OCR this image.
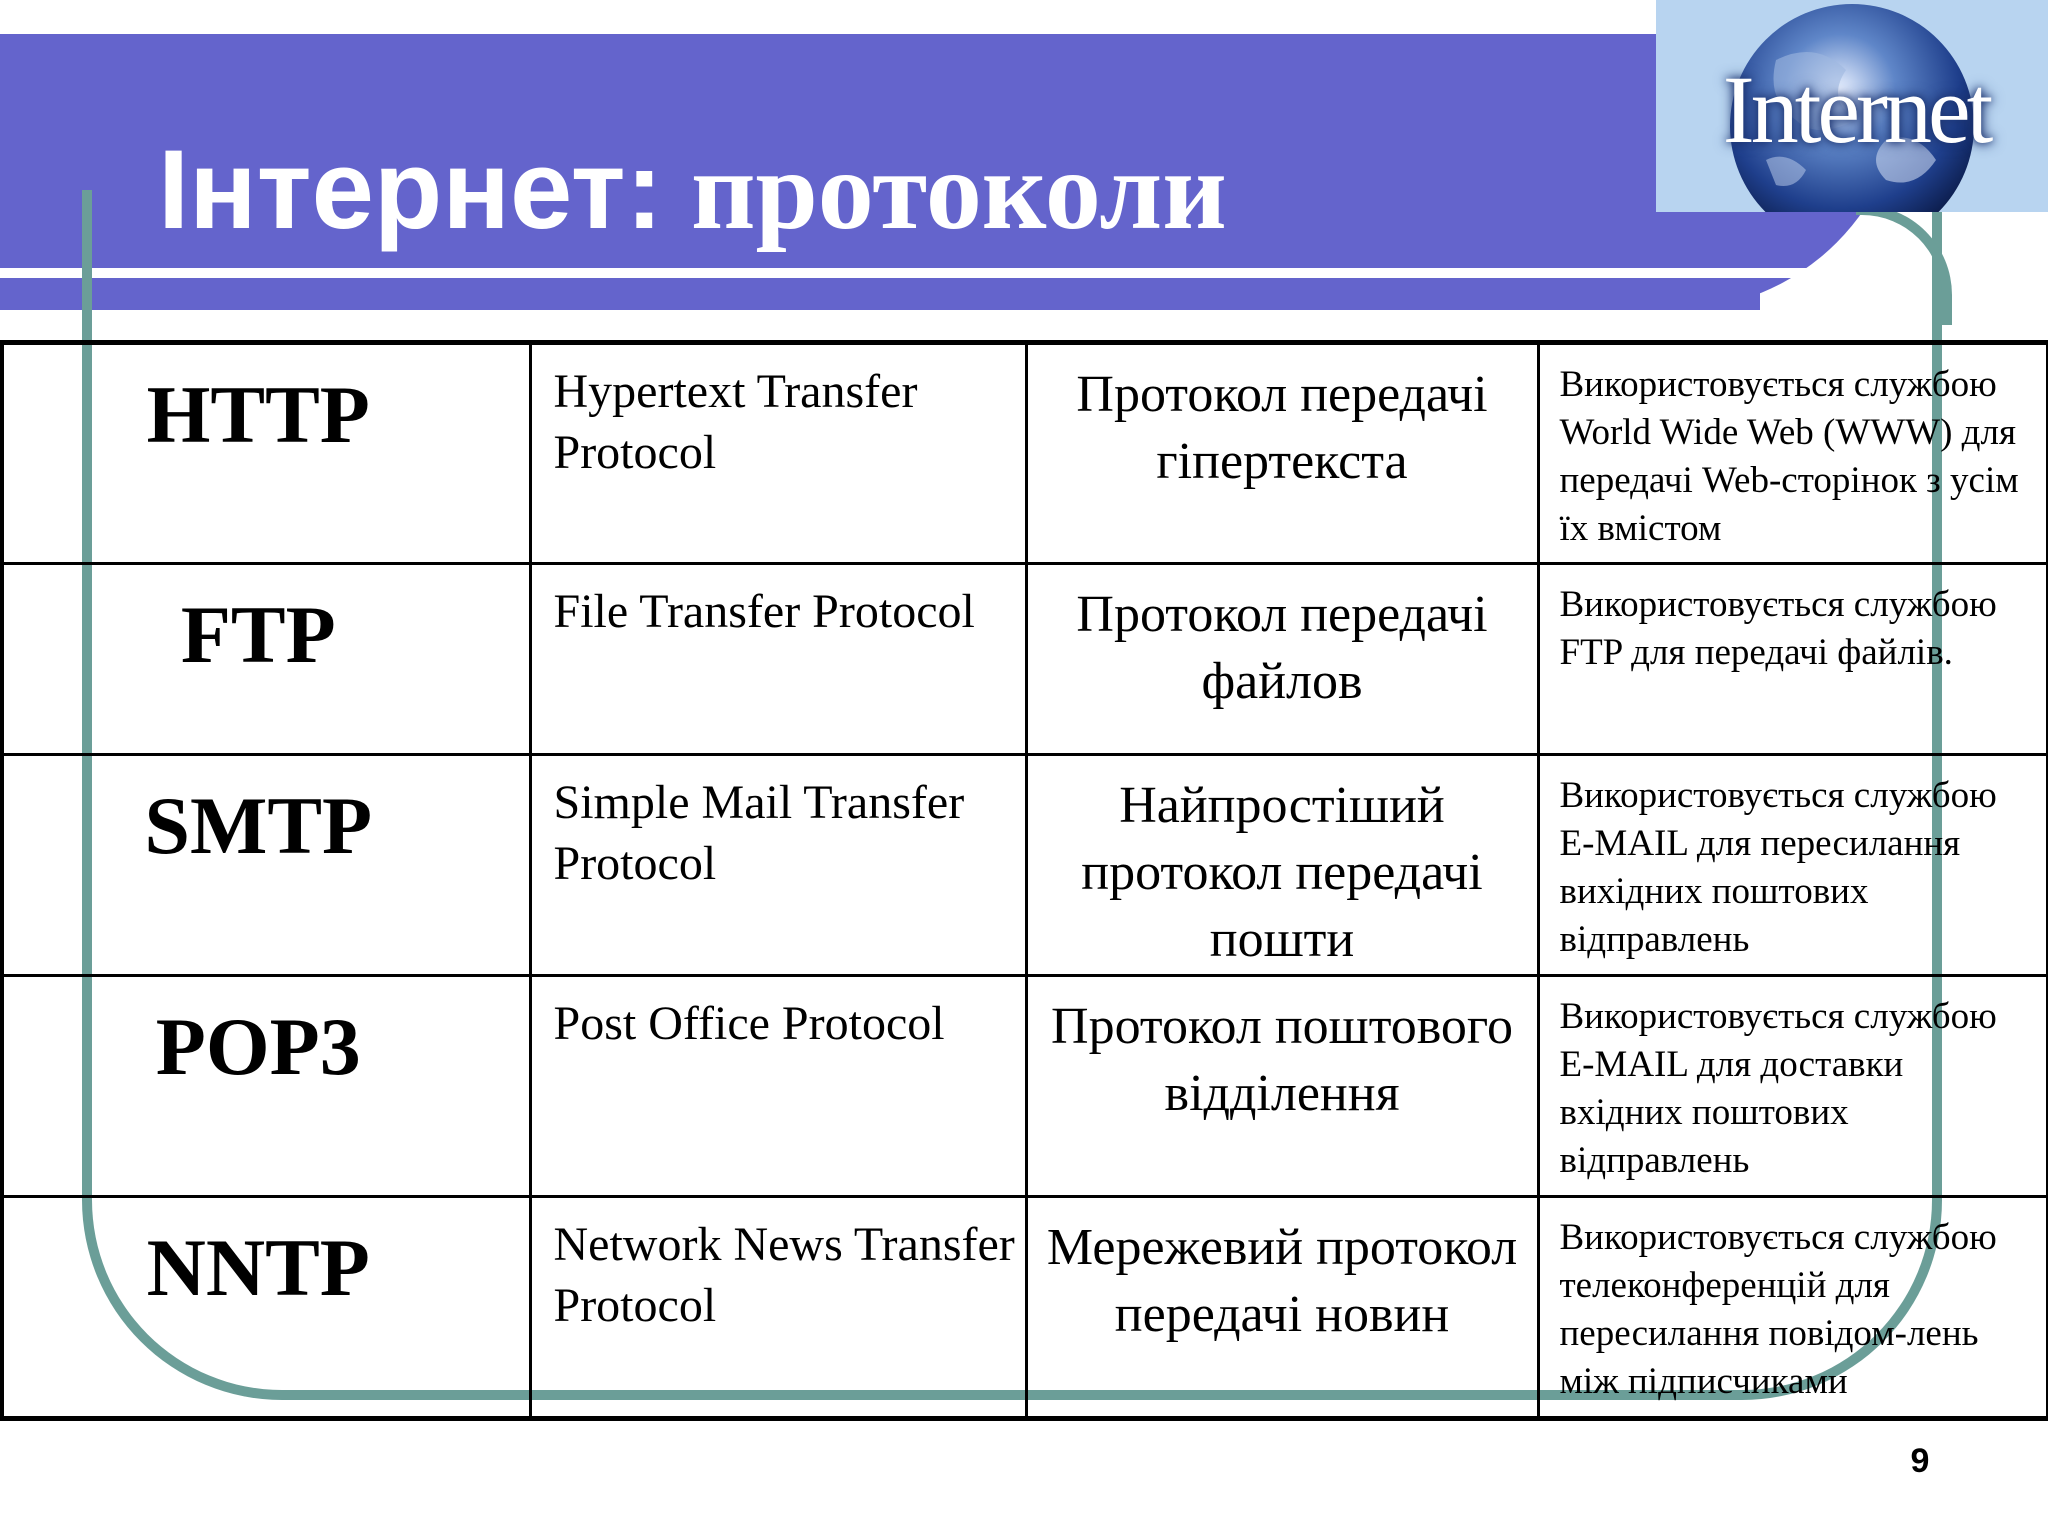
Інтернет: протоколи
Internet
HTTP	Hypertext Transfer Protocol	Протокол передачі гіпертекста	Використовується службою World Wide Web (WWW) для передачі Web-сторінок з усім їх вмістом
FTP	File Transfer Protocol	Протокол передачі файлов	Використовується службою FTP для передачі файлів.
SMTP	Simple Mail Transfer Protocol	Найпростіший протокол передачі пошти	Використовується службою E-MAIL для пересилання вихідних поштових відправлень
POP3	Post Office Protocol	Протокол поштового відділення	Використовується службою E-MAIL для доставки вхідних поштових відправлень
NNTP	Network News Transfer Protocol	Мережевий протокол передачі новин	Використовується службою телеконференцій для пересилання повідом-лень між підписчиками
9
